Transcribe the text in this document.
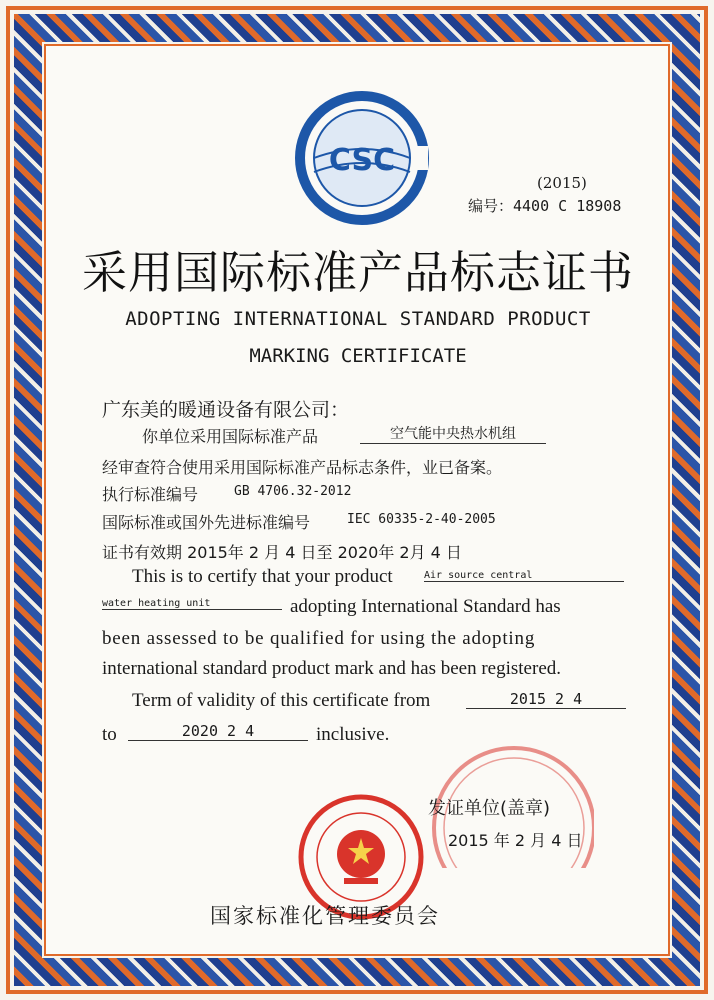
CSC
(2015)
编号：4400 C 18908
采用国际标准产品标志证书
ADOPTING INTERNATIONAL STANDARD PRODUCT
MARKING CERTIFICATE
广东美的暖通设备有限公司：
你单位采用国际标准产品	空气能中央热水机组
经审查符合使用采用国际标准产品标志条件，业已备案。
执行标准编号	GB 4706.32-2012
国际标准或国外先进标准编号	IEC 60335-2-40-2005
证书有效期 2015年 2 月 4 日至 2020年 2月 4 日
This is to certify that your product	Air source central
water heating unit	adopting International Standard has
been assessed to be qualified for using the adopting
international standard product mark and has been registered.
Term of validity of this certificate from	2015 2 4
to	2020 2 4	inclusive.
发证单位(盖章)
2015 年 2 月 4 日
国家标准化管理委员会
